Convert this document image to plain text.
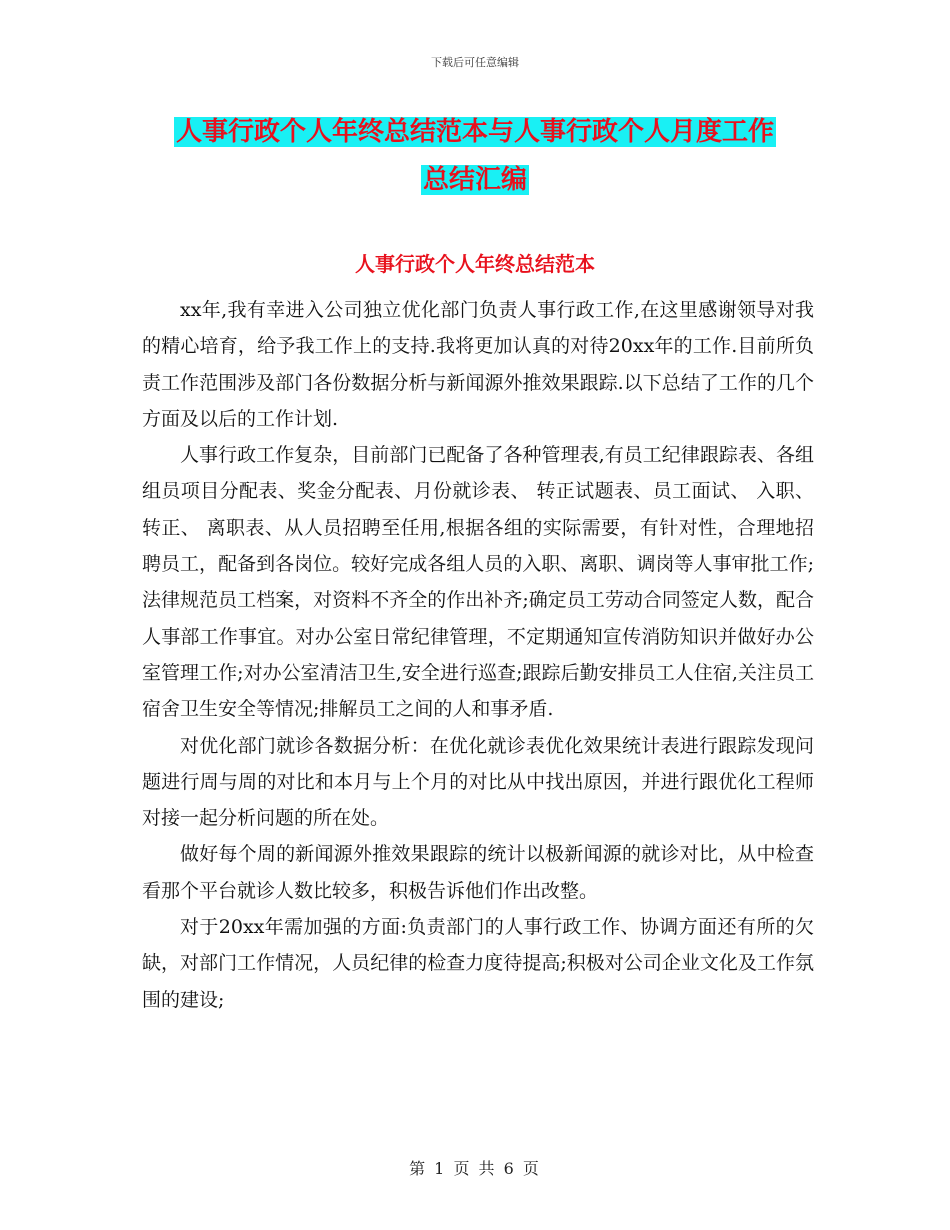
下载后可任意编辑
人事行政个人年终总结范本与人事行政个人月度工作
总结汇编
人事行政个人年终总结范本

xx年,我有幸进入公司独立优化部门负责人事行政工作,在这里感谢领导对我的精心培育，给予我工作上的支持.我将更加认真的对待20xx年的工作.目前所负责工作范围涉及部门各份数据分析与新闻源外推效果跟踪.以下总结了工作的几个方面及以后的工作计划.

人事行政工作复杂，目前部门已配备了各种管理表,有员工纪律跟踪表、各组组员项目分配表、奖金分配表、月份就诊表、 转正试题表、员工面试、 入职、 转正、 离职表、从人员招聘至任用,根据各组的实际需要，有针对性，合理地招聘员工，配备到各岗位。较好完成各组人员的入职、离职、调岗等人事审批工作;法律规范员工档案，对资料不齐全的作出补齐;确定员工劳动合同签定人数，配合人事部工作事宜。对办公室日常纪律管理，不定期通知宣传消防知识并做好办公室管理工作;对办公室清洁卫生,安全进行巡查;跟踪后勤安排员工人住宿,关注员工宿舍卫生安全等情况;排解员工之间的人和事矛盾.

对优化部门就诊各数据分析：在优化就诊表优化效果统计表进行跟踪发现问题进行周与周的对比和本月与上个月的对比从中找出原因，并进行跟优化工程师对接一起分析问题的所在处。

做好每个周的新闻源外推效果跟踪的统计以极新闻源的就诊对比，从中检查看那个平台就诊人数比较多，积极告诉他们作出改整。

对于20xx年需加强的方面:负责部门的人事行政工作、协调方面还有所的欠缺，对部门工作情况，人员纪律的检查力度待提高;积极对公司企业文化及工作氛围的建设;

第 1 页 共 6 页
